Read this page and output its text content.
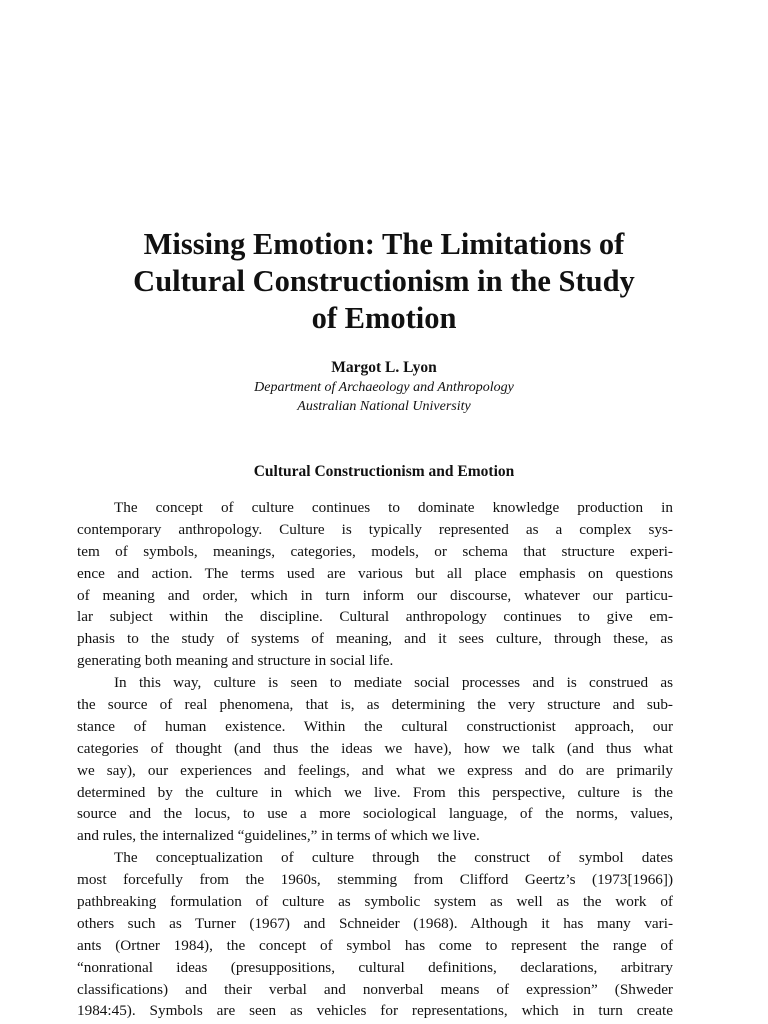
Missing Emotion: The Limitations of
Cultural Constructionism in the Study
of Emotion

Margot L. Lyon

Department of Archaeology and Anthropology

Australian National University

Cultural Constructionism and Emotion
The concept of culture continues to dominate knowledge production in
contemporary anthropology. Culture is typically represented as a complex sys-
tem of symbols, meanings, categories, models, or schema that structure experi-
ence and action. The terms used are various but all place emphasis on questions
of meaning and order, which in turn inform our discourse, whatever our particu-
lar subject within the discipline. Cultural anthropology continues to give em-
phasis to the study of systems of meaning, and it sees culture, through these, as
generating both meaning and structure in social life.
In this way, culture is seen to mediate social processes and is construed as
the source of real phenomena, that is, as determining the very structure and sub-
stance of human existence. Within the cultural constructionist approach, our
categories of thought (and thus the ideas we have), how we talk (and thus what
we say), our experiences and feelings, and what we express and do are primarily
determined by the culture in which we live. From this perspective, culture is the
source and the locus, to use a more sociological language, of the norms, values,
and rules, the internalized “guidelines,” in terms of which we live.
The conceptualization of culture through the construct of symbol dates
most forcefully from the 1960s, stemming from Clifford Geertz’s (1973[1966])
pathbreaking formulation of culture as symbolic system as well as the work of
others such as Turner (1967) and Schneider (1968). Although it has many vari-
ants (Ortner 1984), the concept of symbol has come to represent the range of
“nonrational ideas (presuppositions, cultural definitions, declarations, arbitrary
classifications) and their verbal and nonverbal means of expression” (Shweder
1984:45). Symbols are seen as vehicles for representations, which in turn create
